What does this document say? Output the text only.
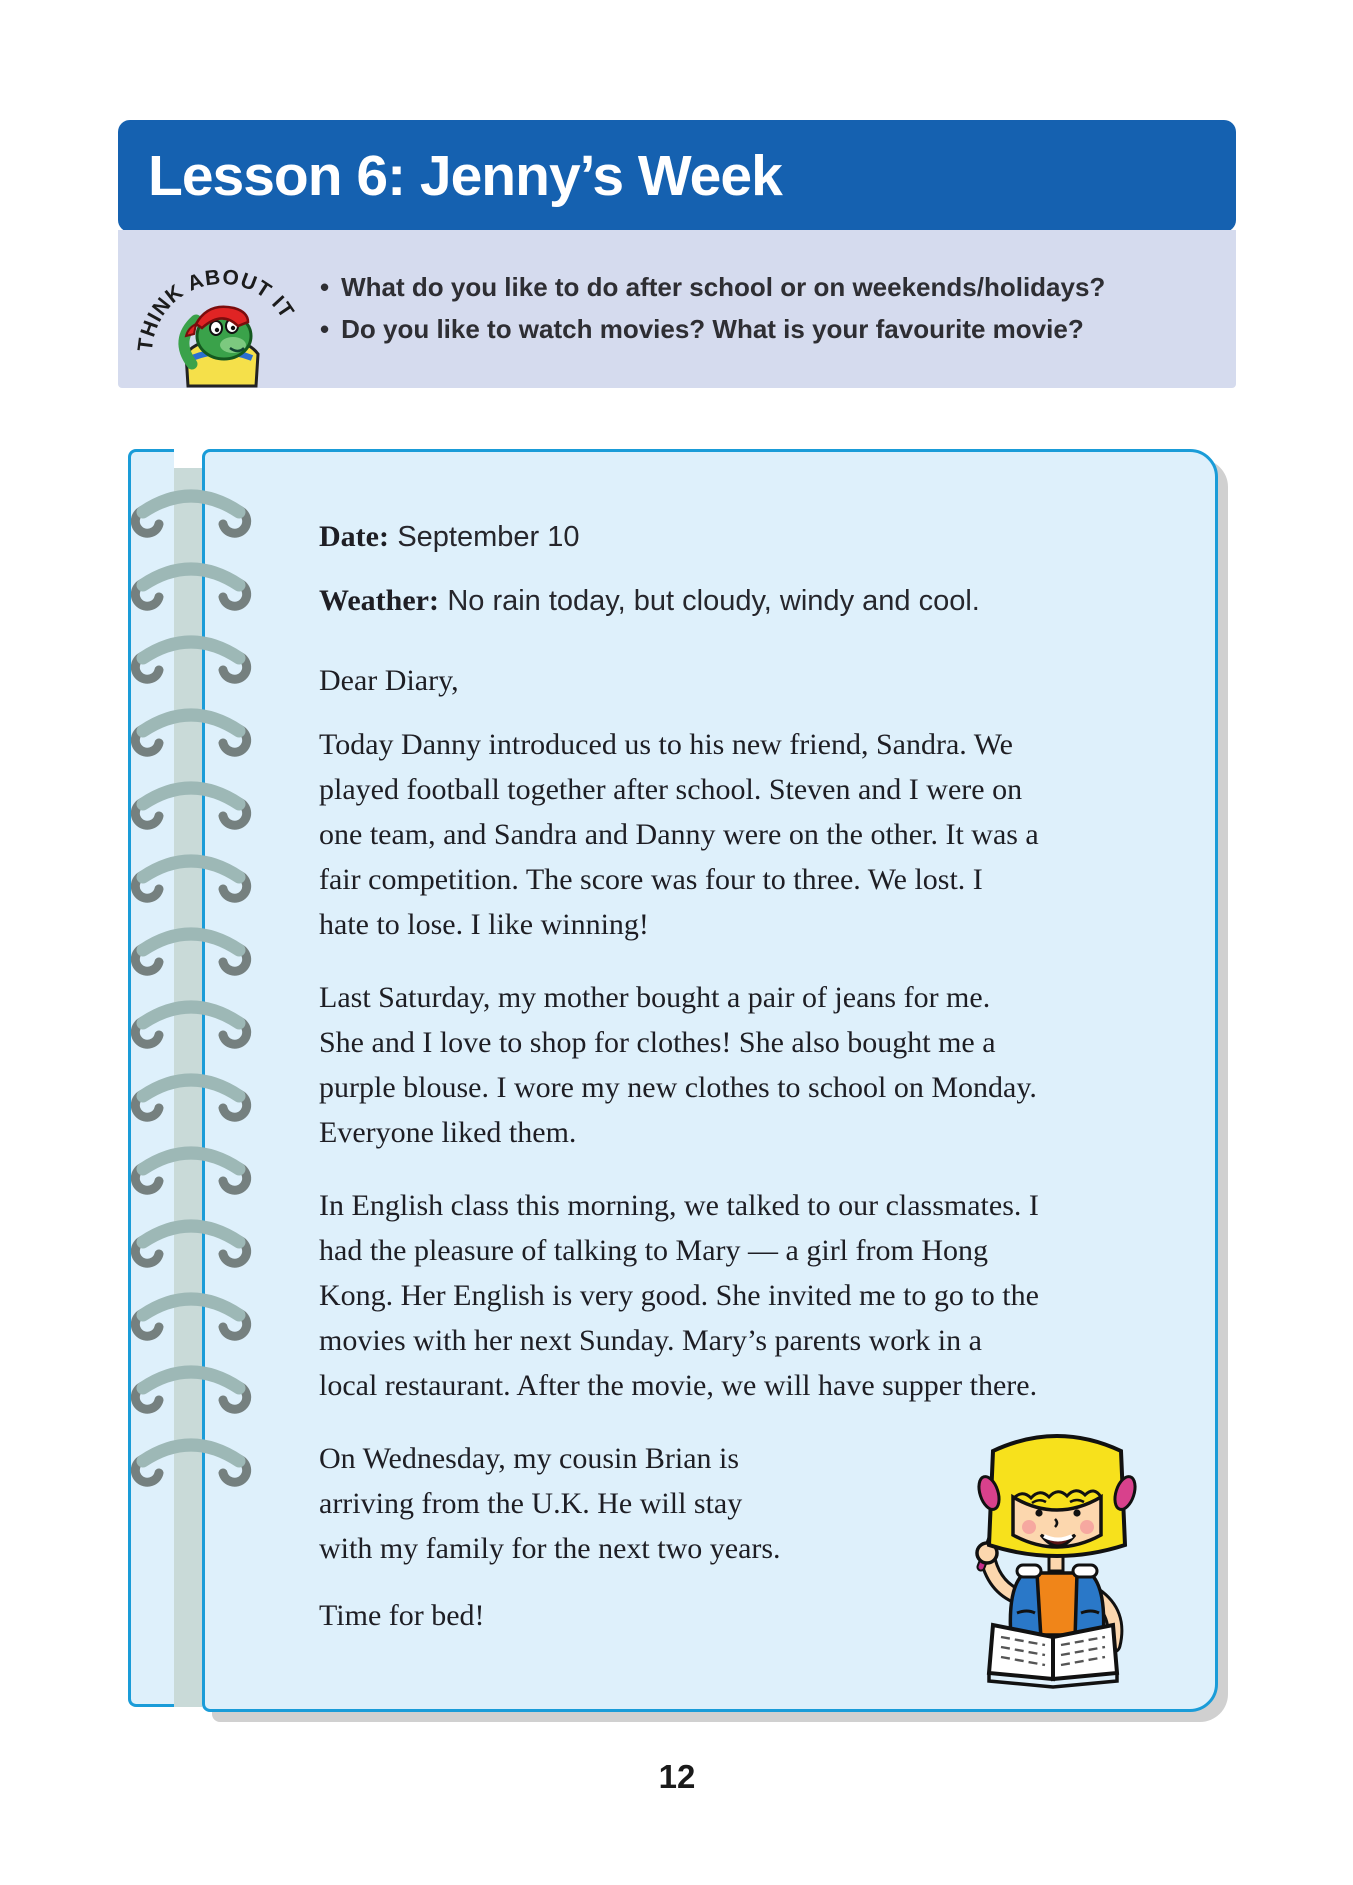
Lesson 6: Jenny’s Week
THINK ABOUT IT
• What do you like to do after school or on weekends/holidays?
• Do you like to watch movies? What is your favourite movie?

Date: September 10

Weather: No rain today, but cloudy, windy and cool.

Dear Diary,

Today Danny introduced us to his new friend, Sandra. We played football together after school. Steven and I were on one team, and Sandra and Danny were on the other. It was a fair competition. The score was four to three. We lost. I hate to lose. I like winning!

Last Saturday, my mother bought a pair of jeans for me. She and I love to shop for clothes! She also bought me a purple blouse. I wore my new clothes to school on Monday. Everyone liked them.

In English class this morning, we talked to our classmates. I had the pleasure of talking to Mary — a girl from Hong Kong. Her English is very good. She invited me to go to the movies with her next Sunday. Mary’s parents work in a local restaurant. After the movie, we will have supper there.

On Wednesday, my cousin Brian is arriving from the U.K. He will stay with my family for the next two years.

Time for bed!

12
